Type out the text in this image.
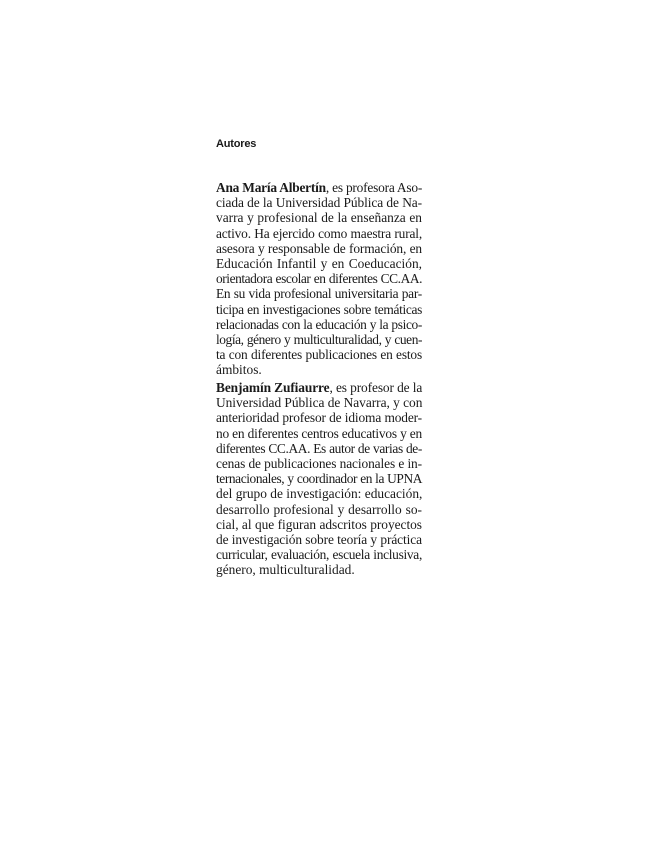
Autores
Ana María Albertín, es profesora Aso-
ciada de la Universidad Pública de Na-
varra y profesional de la enseñanza en
activo. Ha ejercido como maestra rural,
asesora y responsable de formación, en
Educación Infantil y en Coeducación,
orientadora escolar en diferentes CC.AA.
En su vida profesional universitaria par-
ticipa en investigaciones sobre temáticas
relacionadas con la educación y la psico-
logía, género y multiculturalidad, y cuen-
ta con diferentes publicaciones en estos
ámbitos.
Benjamín Zufiaurre, es profesor de la
Universidad Pública de Navarra, y con
anterioridad profesor de idioma moder-
no en diferentes centros educativos y en
diferentes CC.AA. Es autor de varias de-
cenas de publicaciones nacionales e in-
ternacionales, y coordinador en la UPNA
del grupo de investigación: educación,
desarrollo profesional y desarrollo so-
cial, al que figuran adscritos proyectos
de investigación sobre teoría y práctica
curricular, evaluación, escuela inclusiva,
género, multiculturalidad.
